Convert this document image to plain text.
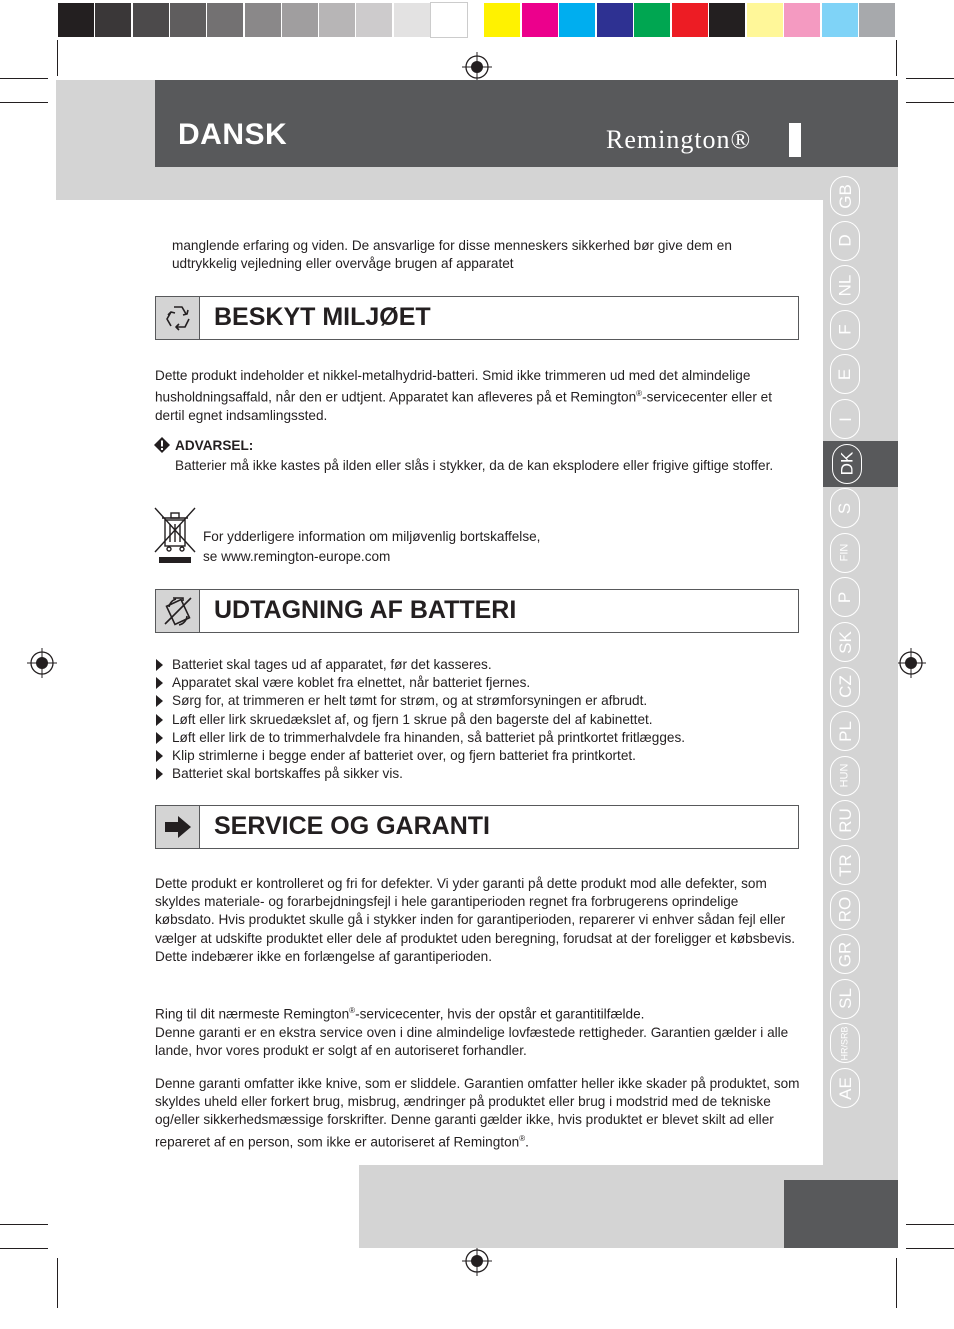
DANSK	Remington®
GB
D
NL
F
E
I
DK
S
FIN
P
SK
CZ
PL
HUN
RU
TR
RO
GR
SL
HR/SRB
AE
manglende erfaring og viden. De ansvarlige for disse menneskers sikkerhed bør give dem en udtrykkelig vejledning eller overvåge brugen af apparatet
BESKYT MILJØET
Dette produkt indeholder et nikkel-metalhydrid-batteri. Smid ikke trimmeren ud med det almindelige husholdningsaffald, når den er udtjent. Apparatet kan afleveres på et Remington®-servicecenter eller et dertil egnet indsamlingssted.
ADVARSEL:
Batterier må ikke kastes på ilden eller slås i stykker, da de kan eksplodere eller frigive giftige stoffer.
For ydderligere information om miljøvenlig bortskaffelse,
se www.remington-europe.com
UDTAGNING AF BATTERI
Batteriet skal tages ud af apparatet, før det kasseres.
Apparatet skal være koblet fra elnettet, når batteriet fjernes.
Sørg for, at trimmeren er helt tømt for strøm, og at strømforsyningen er afbrudt.
Løft eller lirk skruedækslet af, og fjern 1 skrue på den bagerste del af kabinettet.
Løft eller lirk de to trimmerhalvdele fra hinanden, så batteriet på printkortet fritlægges.
Klip strimlerne i begge ender af batteriet over, og fjern batteriet fra printkortet.
Batteriet skal bortskaffes på sikker vis.
SERVICE OG GARANTI
Dette produkt er kontrolleret og fri for defekter. Vi yder garanti på dette produkt mod alle defekter, som skyldes materiale- og forarbejdningsfejl i hele garantiperioden regnet fra forbrugerens oprindelige købsdato. Hvis produktet skulle gå i stykker inden for garantiperioden, reparerer vi enhver sådan fejl eller vælger at udskifte produktet eller dele af produktet uden beregning, forudsat at der foreligger et købsbevis. Dette indebærer ikke en forlængelse af garantiperioden.
Ring til dit nærmeste Remington®-servicecenter, hvis der opstår et garantitilfælde.
Denne garanti er en ekstra service oven i dine almindelige lovfæstede rettigheder. Garantien gælder i alle lande, hvor vores produkt er solgt af en autoriseret forhandler.
Denne garanti omfatter ikke knive, som er sliddele. Garantien omfatter heller ikke skader på produktet, som skyldes uheld eller forkert brug, misbrug, ændringer på produktet eller brug i modstrid med de tekniske og/eller sikkerhedsmæssige forskrifter. Denne garanti gælder ikke, hvis produktet er blevet skilt ad eller repareret af en person, som ikke er autoriseret af Remington®.
